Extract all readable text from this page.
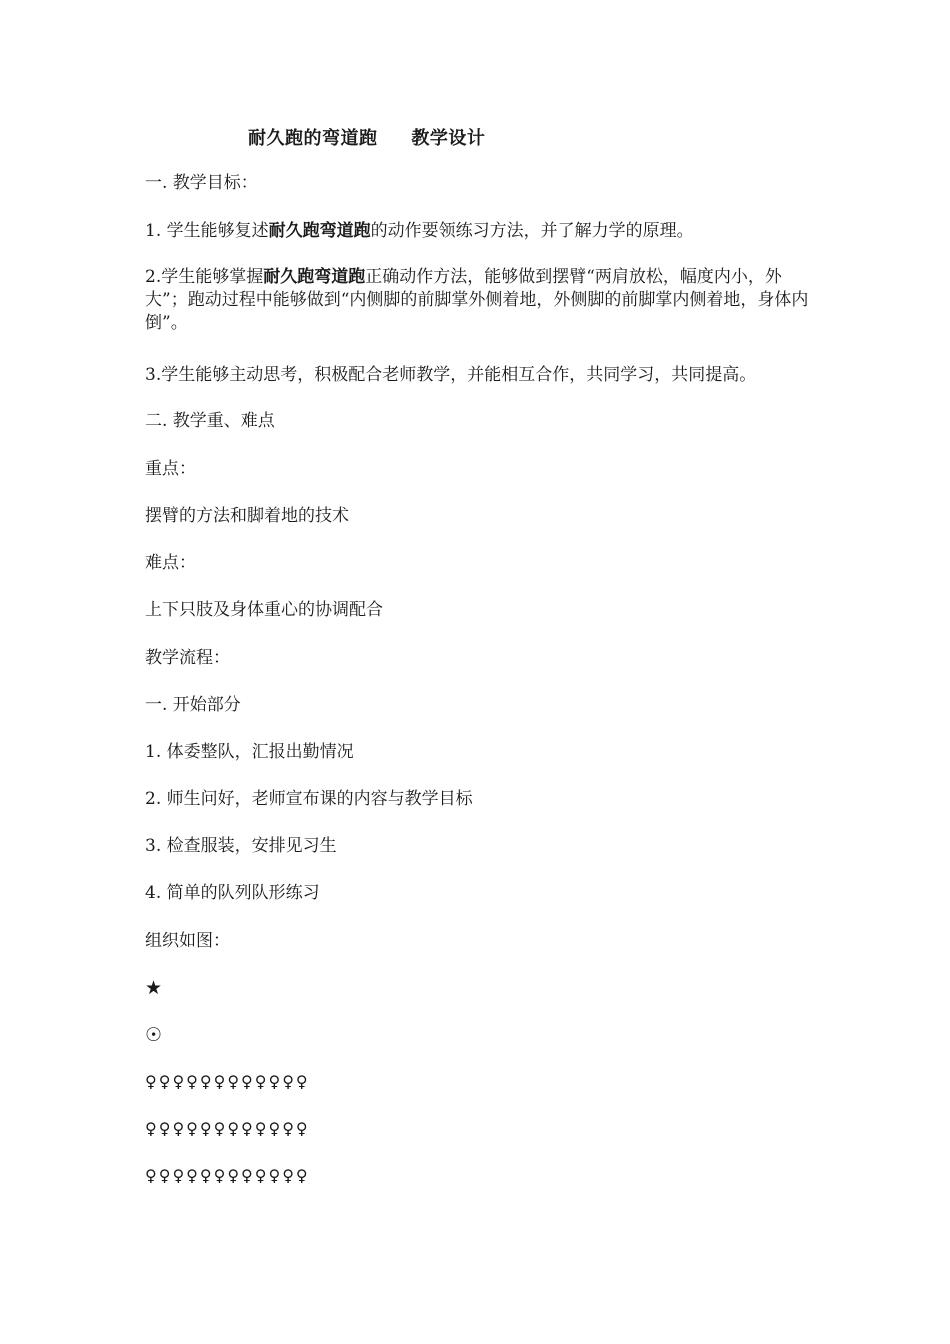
耐久跑的弯道跑     教学设计
一. 教学目标：
1. 学生能够复述耐久跑弯道跑的动作要领练习方法，并了解力学的原理。
2.学生能够掌握耐久跑弯道跑正确动作方法，能够做到摆臂“两肩放松，幅度内小，外大”；跑动过程中能够做到“内侧脚的前脚掌外侧着地，外侧脚的前脚掌内侧着地，身体内倒”。
3.学生能够主动思考，积极配合老师教学，并能相互合作，共同学习，共同提高。
二. 教学重、难点
重点：
摆臂的方法和脚着地的技术
难点：
上下只肢及身体重心的协调配合
教学流程：
一. 开始部分
1. 体委整队，汇报出勤情况
2. 师生问好，老师宣布课的内容与教学目标
3. 检查服装，安排见习生
4. 简单的队列队形练习
组织如图：
★
☉
♀♀♀♀♀♀♀♀♀♀♀♀
♀♀♀♀♀♀♀♀♀♀♀♀
♀♀♀♀♀♀♀♀♀♀♀♀
